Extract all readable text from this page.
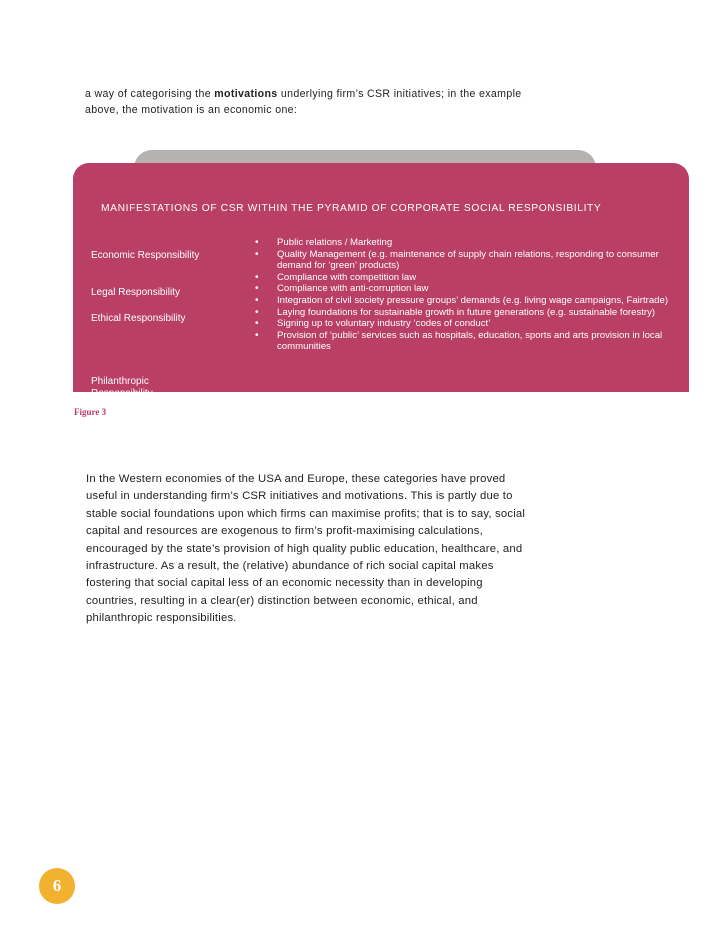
a way of categorising the motivations underlying firm’s CSR initiatives; in the example above, the motivation is an economic one:

MANIFESTATIONS OF CSR WITHIN THE PYRAMID OF CORPORATE SOCIAL RESPONSIBILITY
Economic Responsibility
Legal Responsibility
Ethical Responsibility
Philanthropic
Responsibility
• Public relations / Marketing
• Quality Management (e.g. maintenance of supply chain relations, responding to consumer demand for ‘green’ products)
• Compliance with competition law
• Compliance with anti-corruption law
• Integration of civil society pressure groups’ demands (e.g. living wage campaigns, Fairtrade)
• Laying foundations for sustainable growth in future generations (e.g. sustainable forestry)
• Signing up to voluntary industry ‘codes of conduct’
• Provision of ‘public’ services such as hospitals, education, sports and arts provision in local communities
Figure 3

In the Western economies of the USA and Europe, these categories have proved useful in understanding firm’s CSR initiatives and motivations. This is partly due to stable social foundations upon which firms can maximise profits; that is to say, social capital and resources are exogenous to firm’s profit-maximising calculations, encouraged by the state’s provision of high quality public education, healthcare, and infrastructure. As a result, the (relative) abundance of rich social capital makes fostering that social capital less of an economic necessity than in developing countries, resulting in a clear(er) distinction between economic, ethical, and philanthropic responsibilities.

6
